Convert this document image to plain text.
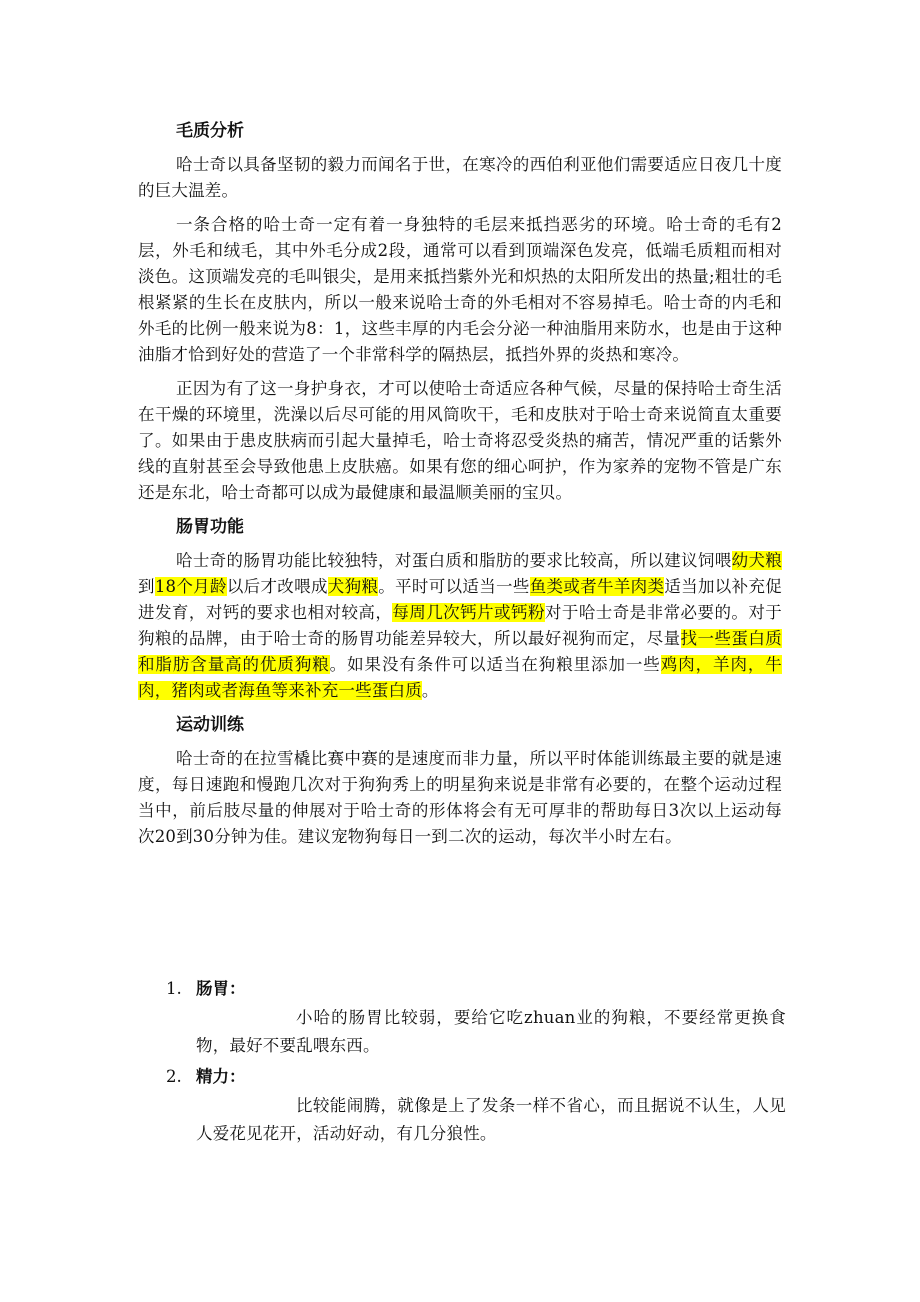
毛质分析

哈士奇以具备坚韧的毅力而闻名于世，在寒冷的西伯利亚他们需要适应日夜几十度的巨大温差。

一条合格的哈士奇一定有着一身独特的毛层来抵挡恶劣的环境。哈士奇的毛有2层，外毛和绒毛，其中外毛分成2段，通常可以看到顶端深色发亮，低端毛质粗而相对淡色。这顶端发亮的毛叫银尖，是用来抵挡紫外光和炽热的太阳所发出的热量;粗壮的毛根紧紧的生长在皮肤内，所以一般来说哈士奇的外毛相对不容易掉毛。哈士奇的内毛和外毛的比例一般来说为8：1，这些丰厚的内毛会分泌一种油脂用来防水，也是由于这种油脂才恰到好处的营造了一个非常科学的隔热层，抵挡外界的炎热和寒冷。

正因为有了这一身护身衣，才可以使哈士奇适应各种气候，尽量的保持哈士奇生活在干燥的环境里，洗澡以后尽可能的用风筒吹干，毛和皮肤对于哈士奇来说简直太重要了。如果由于患皮肤病而引起大量掉毛，哈士奇将忍受炎热的痛苦，情况严重的话紫外线的直射甚至会导致他患上皮肤癌。如果有您的细心呵护，作为家养的宠物不管是广东还是东北，哈士奇都可以成为最健康和最温顺美丽的宝贝。

肠胃功能

哈士奇的肠胃功能比较独特，对蛋白质和脂肪的要求比较高，所以建议饲喂幼犬粮到18个月龄以后才改喂成犬狗粮。平时可以适当一些鱼类或者牛羊肉类适当加以补充促进发育，对钙的要求也相对较高，每周几次钙片或钙粉对于哈士奇是非常必要的。对于狗粮的品牌，由于哈士奇的肠胃功能差异较大，所以最好视狗而定，尽量找一些蛋白质和脂肪含量高的优质狗粮。如果没有条件可以适当在狗粮里添加一些鸡肉，羊肉，牛肉，猪肉或者海鱼等来补充一些蛋白质。

运动训练

哈士奇的在拉雪橇比赛中赛的是速度而非力量，所以平时体能训练最主要的就是速度，每日速跑和慢跑几次对于狗狗秀上的明星狗来说是非常有必要的，在整个运动过程当中，前后肢尽量的伸展对于哈士奇的形体将会有无可厚非的帮助每日3次以上运动每次20到30分钟为佳。建议宠物狗每日一到二次的运动，每次半小时左右。

1. 肠胃：

小哈的肠胃比较弱，要给它吃zhuan业的狗粮，不要经常更换食物，最好不要乱喂东西。

2. 精力：

比较能闹腾，就像是上了发条一样不省心，而且据说不认生，人见人爱花见花开，活动好动，有几分狼性。
